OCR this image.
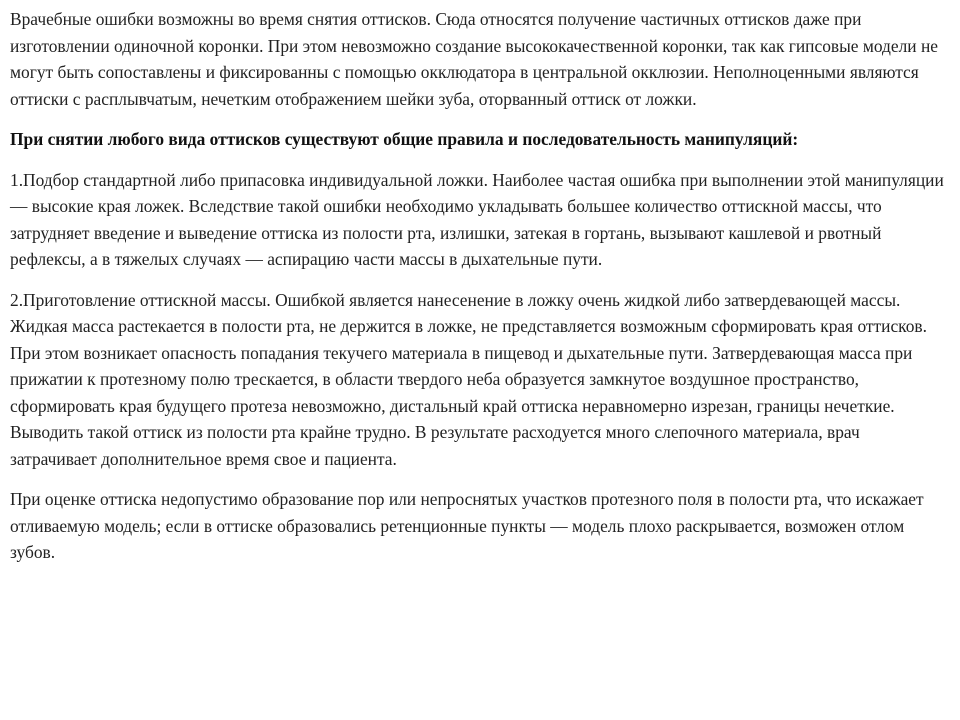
Врачебные ошибки возможны во время снятия оттисков. Сюда относятся получение частичных оттисков даже при изготовлении одиночной коронки. При этом невозможно создание высококачественной коронки, так как гипсовые модели не могут быть сопоставлены и фиксированны с помощью окклюдатора в центральной окклюзии. Неполноценными являются оттиски с расплывчатым, нечетким отображением шейки зуба, оторванный оттиск от ложки.

При снятии любого вида оттисков существуют общие правила и последовательность манипуляций:

1.Подбор стандартной либо припасовка индивидуальной ложки. Наиболее частая ошибка при выполнении этой манипуляции — высокие края ложек. Вследствие такой ошибки необходимо укладывать большее количество оттискной массы, что затрудняет введение и выведение оттиска из полости рта, излишки, затекая в гортань, вызывают кашлевой и рвотный рефлексы, а в тяжелых случаях — аспирацию части массы в дыхательные пути.

2.Приготовление оттискной массы. Ошибкой является нанесенение в ложку очень жидкой либо затвердевающей массы. Жидкая масса растекается в полости рта, не держится в ложке, не представляется возможным сформировать края оттисков. При этом возникает опасность попадания текучего материала в пищевод и дыхательные пути. Затвердевающая масса при прижатии к протезному полю трескается, в области твердого неба образуется замкнутое воздушное пространство, сформировать края будущего протеза невозможно, дистальный край оттиска неравномерно изрезан, границы нечеткие. Выводить такой оттиск из полости рта крайне трудно. В результате расходуется много слепочного материала, врач затрачивает дополнительное время свое и пациента.

При оценке оттиска недопустимо образование пор или непроснятых участков протезного поля в полости рта, что искажает отливаемую модель; если в оттиске образовались ретенционные пункты — модель плохо раскрывается, возможен отлом зубов.
